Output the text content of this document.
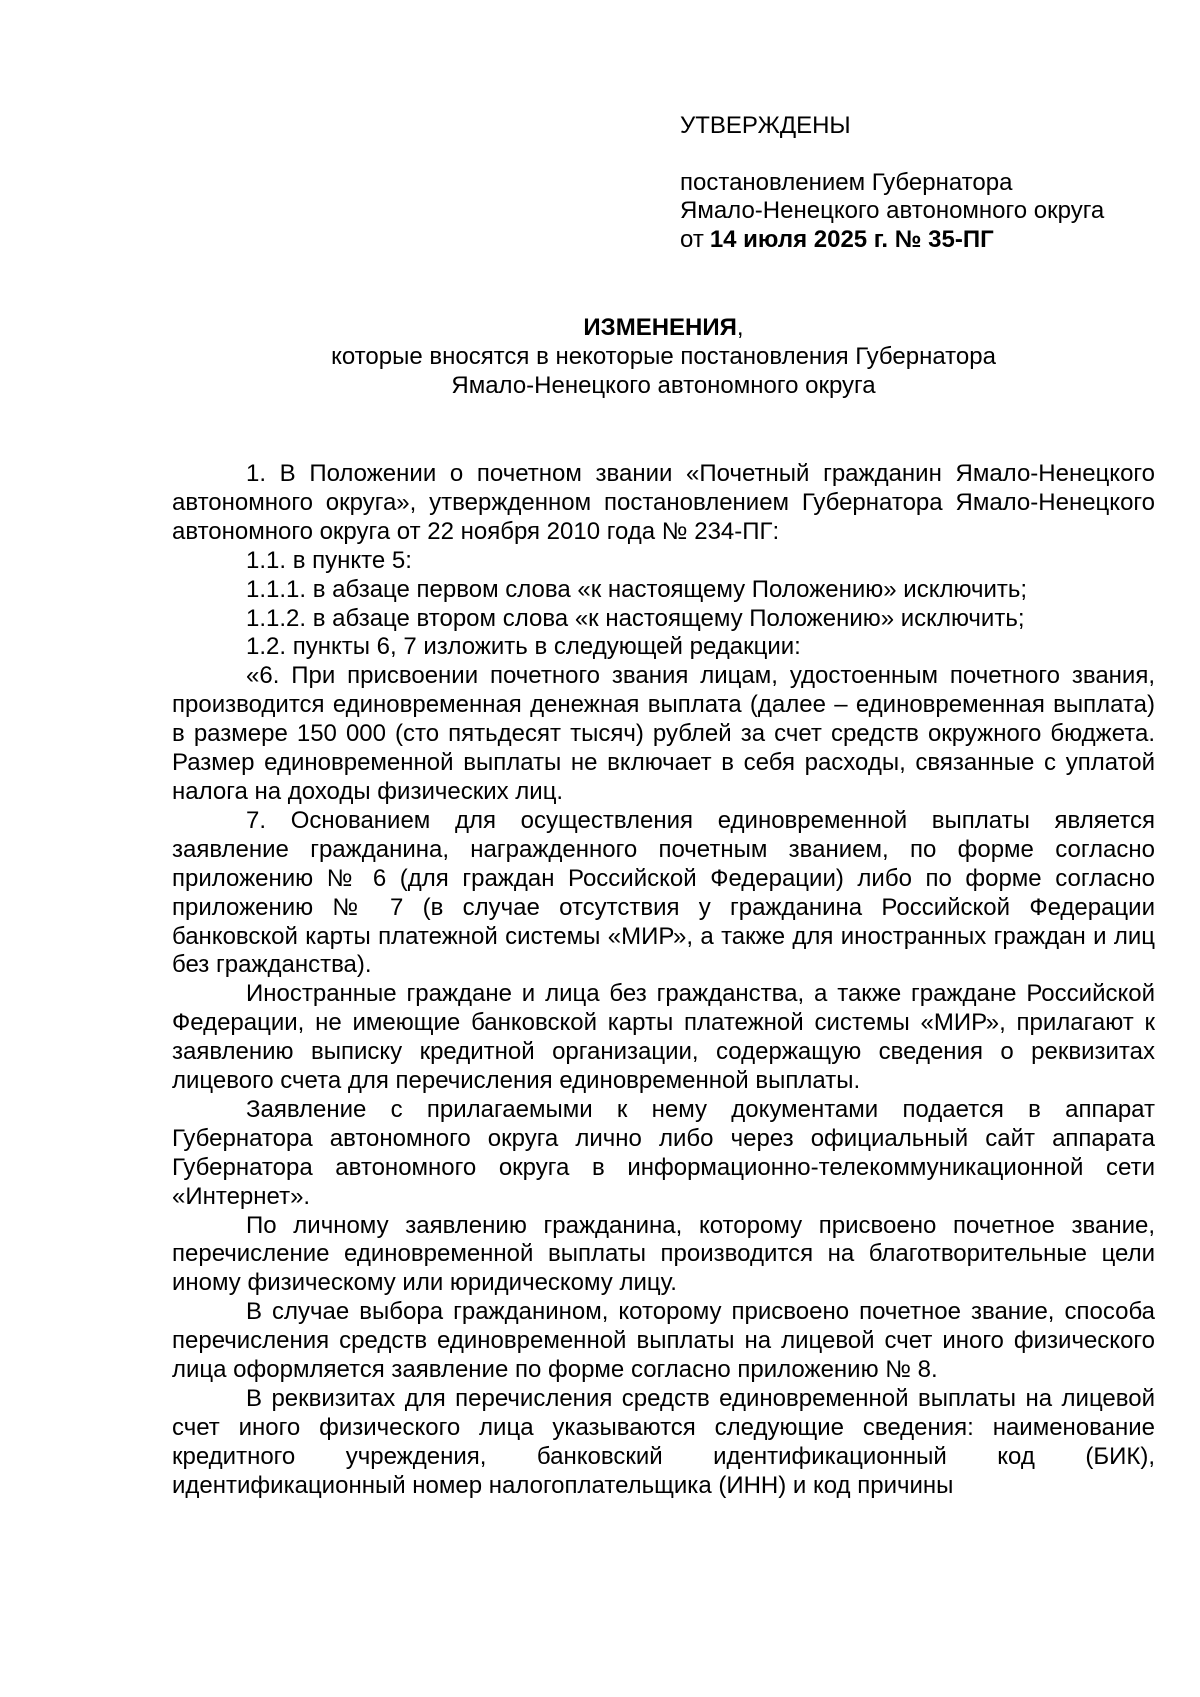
УТВЕРЖДЕНЫ
постановлением Губернатора
Ямало-Ненецкого автономного округа
от 14 июля 2025 г. № 35-ПГ
ИЗМЕНЕНИЯ,
которые вносятся в некоторые постановления Губернатора
Ямало-Ненецкого автономного округа

1. В Положении о почетном звании «Почетный гражданин Ямало-Ненецкого автономного округа», утвержденном постановлением Губернатора Ямало-Ненецкого автономного округа от 22 ноября 2010 года № 234-ПГ:

1.1. в пункте 5:

1.1.1. в абзаце первом слова «к настоящему Положению» исключить;

1.1.2. в абзаце втором слова «к настоящему Положению» исключить;

1.2. пункты 6, 7 изложить в следующей редакции:

«6. При присвоении почетного звания лицам, удостоенным почетного звания, производится единовременная денежная выплата (далее – единовременная выплата) в размере 150 000 (сто пятьдесят тысяч) рублей за счет средств окружного бюджета. Размер единовременной выплаты не включает в себя расходы, связанные с уплатой налога на доходы физических лиц.

7. Основанием для осуществления единовременной выплаты является заявление гражданина, награжденного почетным званием, по форме согласно приложению № 6 (для граждан Российской Федерации) либо по форме согласно приложению № 7 (в случае отсутствия у гражданина Российской Федерации банковской карты платежной системы «МИР», а также для иностранных граждан и лиц без гражданства).

Иностранные граждане и лица без гражданства, а также граждане Российской Федерации, не имеющие банковской карты платежной системы «МИР», прилагают к заявлению выписку кредитной организации, содержащую сведения о реквизитах лицевого счета для перечисления единовременной выплаты.

Заявление с прилагаемыми к нему документами подается в аппарат Губернатора автономного округа лично либо через официальный сайт аппарата Губернатора автономного округа в информационно-телекоммуникационной сети «Интернет».

По личному заявлению гражданина, которому присвоено почетное звание, перечисление единовременной выплаты производится на благотворительные цели иному физическому или юридическому лицу.

В случае выбора гражданином, которому присвоено почетное звание, способа перечисления средств единовременной выплаты на лицевой счет иного физического лица оформляется заявление по форме согласно приложению № 8.

В реквизитах для перечисления средств единовременной выплаты на лицевой счет иного физического лица указываются следующие сведения: наименование кредитного учреждения, банковский идентификационный код (БИК), идентификационный номер налогоплательщика (ИНН) и код причины
